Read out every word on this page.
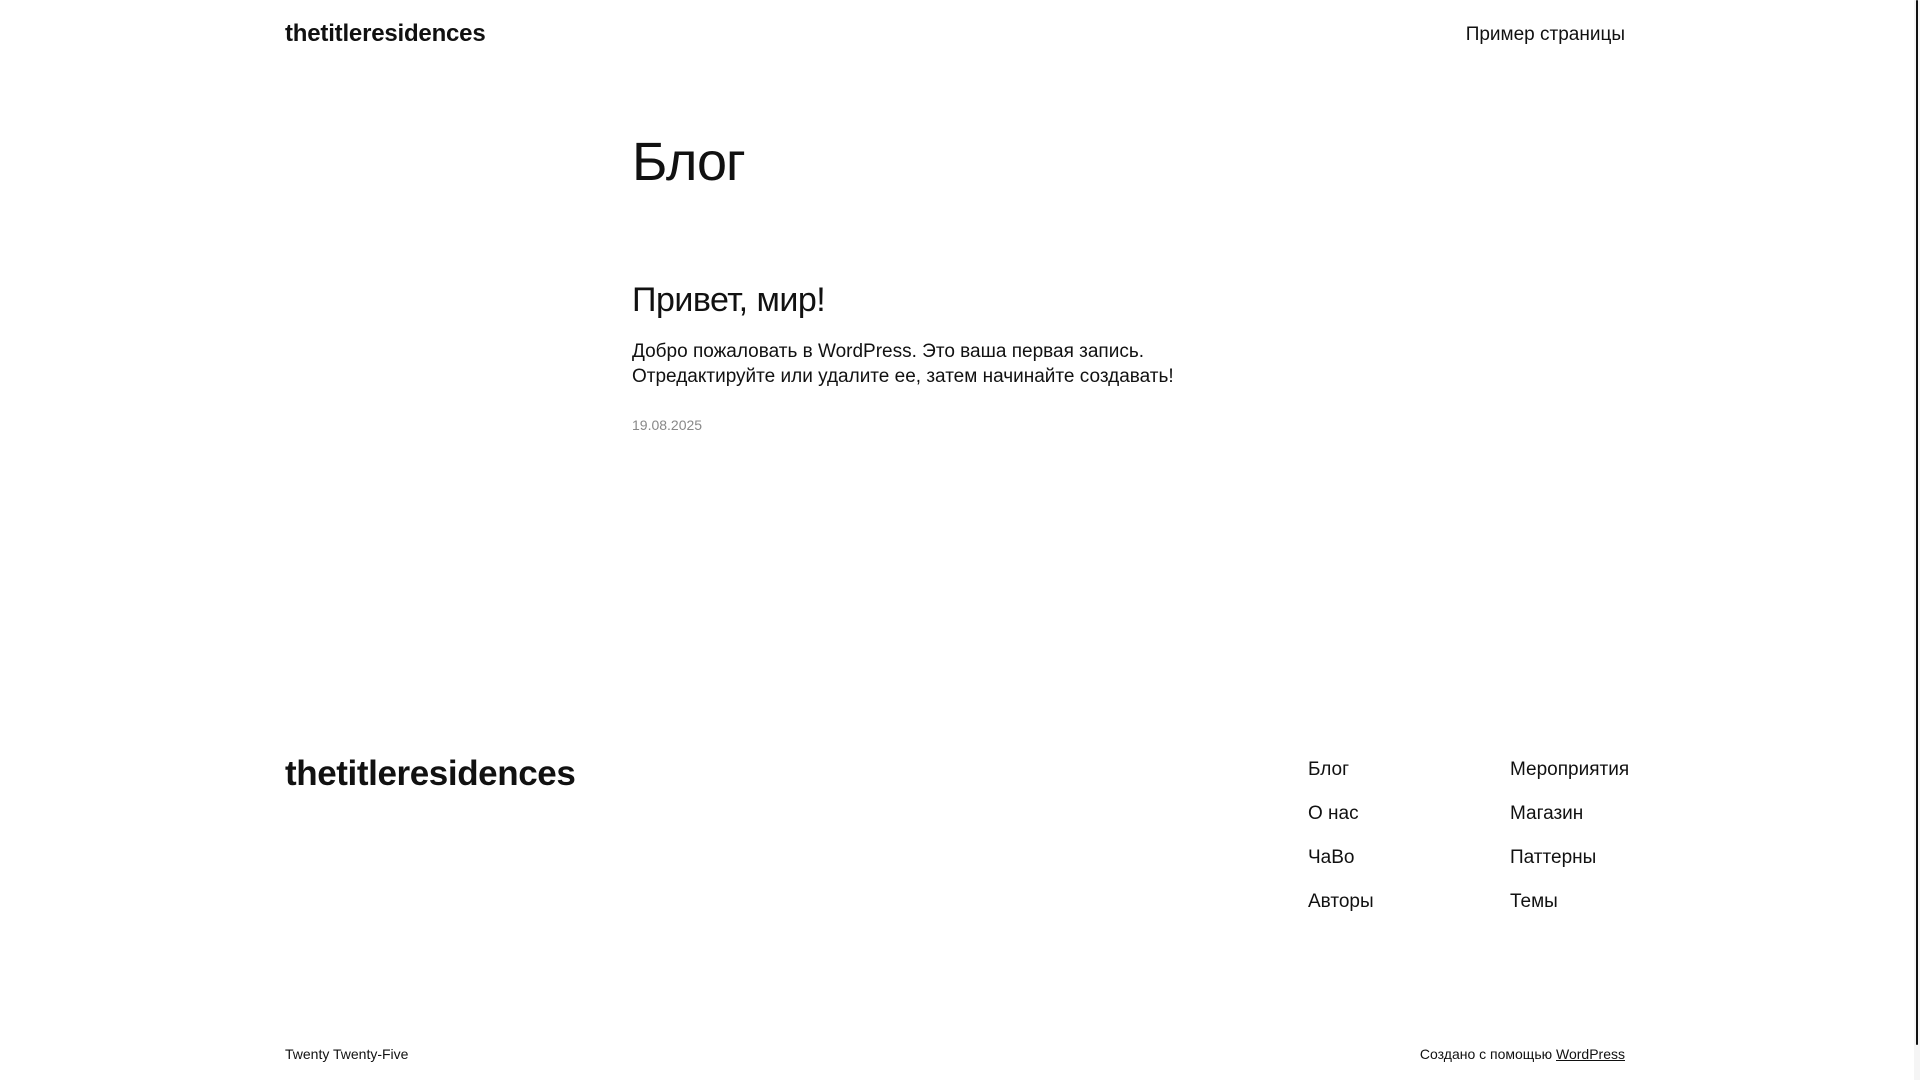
thetitleresidences	Пример страницы
Блог
Привет, мир!

Добро пожаловать в WordPress. Это ваша первая запись. Отредактируйте или удалите ее, затем начинайте создавать!

19.08.2025
thetitleresidences	Блог
О нас
ЧаВо
Авторы
Мероприятия
Магазин
Паттерны
Темы
Twenty Twenty-Five	Создано с помощью WordPress
